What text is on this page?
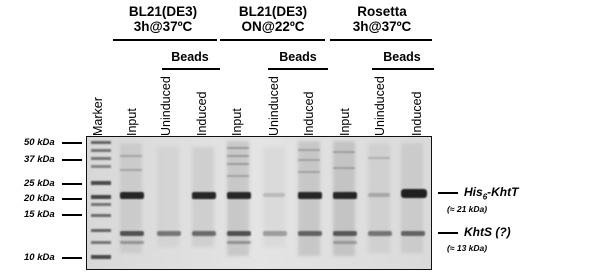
BL21(DE3)
3h@37ºC
BL21(DE3)
ON@22ºC
Rosetta
3h@37ºC
Beads	Beads	Beads
Marker Input Uninduced Induced Input Uninduced Induced Input Uninduced Induced
50 kDa
37 kDa
25 kDa
20 kDa
15 kDa
10 kDa
His$_6$-KhtT
(≈ 21 kDa)
KhtS (?)
(≈ 13 kDa)
